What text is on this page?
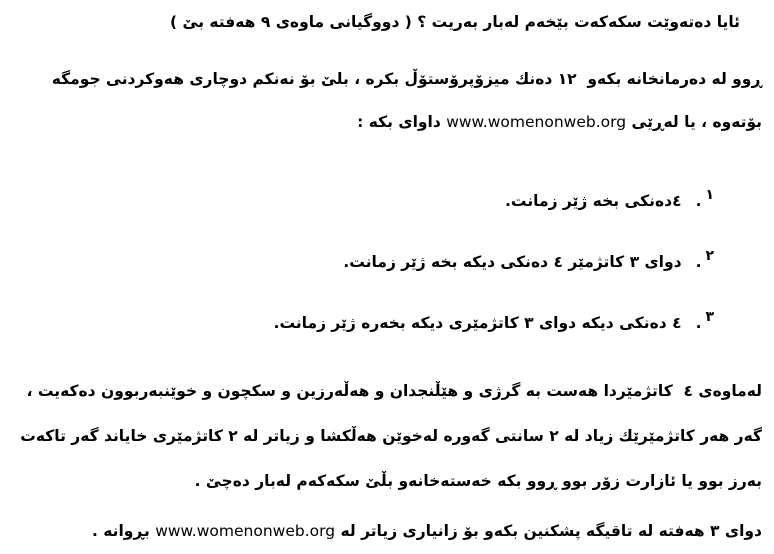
ئایا دەتەوێت سکەکەت بێخەم لەبار بەریت ؟ ( دووگیانی ماوەی ٩ هەفتە بێ )
ڕوو له دەرمانخانه بکەو  ١٢ دەنك میزۆپرۆستۆڵ بکره ، بلێ بۆ نەنکم دوچاری هەوکردنی جومگە
بۆتەوه ، یا لەڕێی www.womenonweb.org داوای بکه :
١.٤دەنکی بخه ژێر زمانت.
٢.دوای ٣ کاتژمێر ٤ دەنکی دیکه بخه ژێر زمانت.
٣.٤ دەنکی دیکه دوای ٣ کاتژمێری دیکه بخەره ژێر زمانت.
لەماوەی ٤  کاتژمێردا هەست به گرژی و هێڵنجدان و هەڵەرزین و سکچون و خوێنبەربوون دەکەیت ،
گەر هەر کاتژمێرێك زیاد له ٢ سانتی گەوره لەخوێن هەڵکشا و زیاتر له ٢ کاتژمێری خایاند گەر تاکەت
بەرز بوو یا ئازارت زۆر بوو ڕوو بکه خەستەخانەو بڵێ سکەکەم لەبار دەچێ .
دوای ٣ هەفتە له تاقیگه پشکنین بکەو بۆ زانیاری زیاتر له www.womenonweb.org بڕوانه .
